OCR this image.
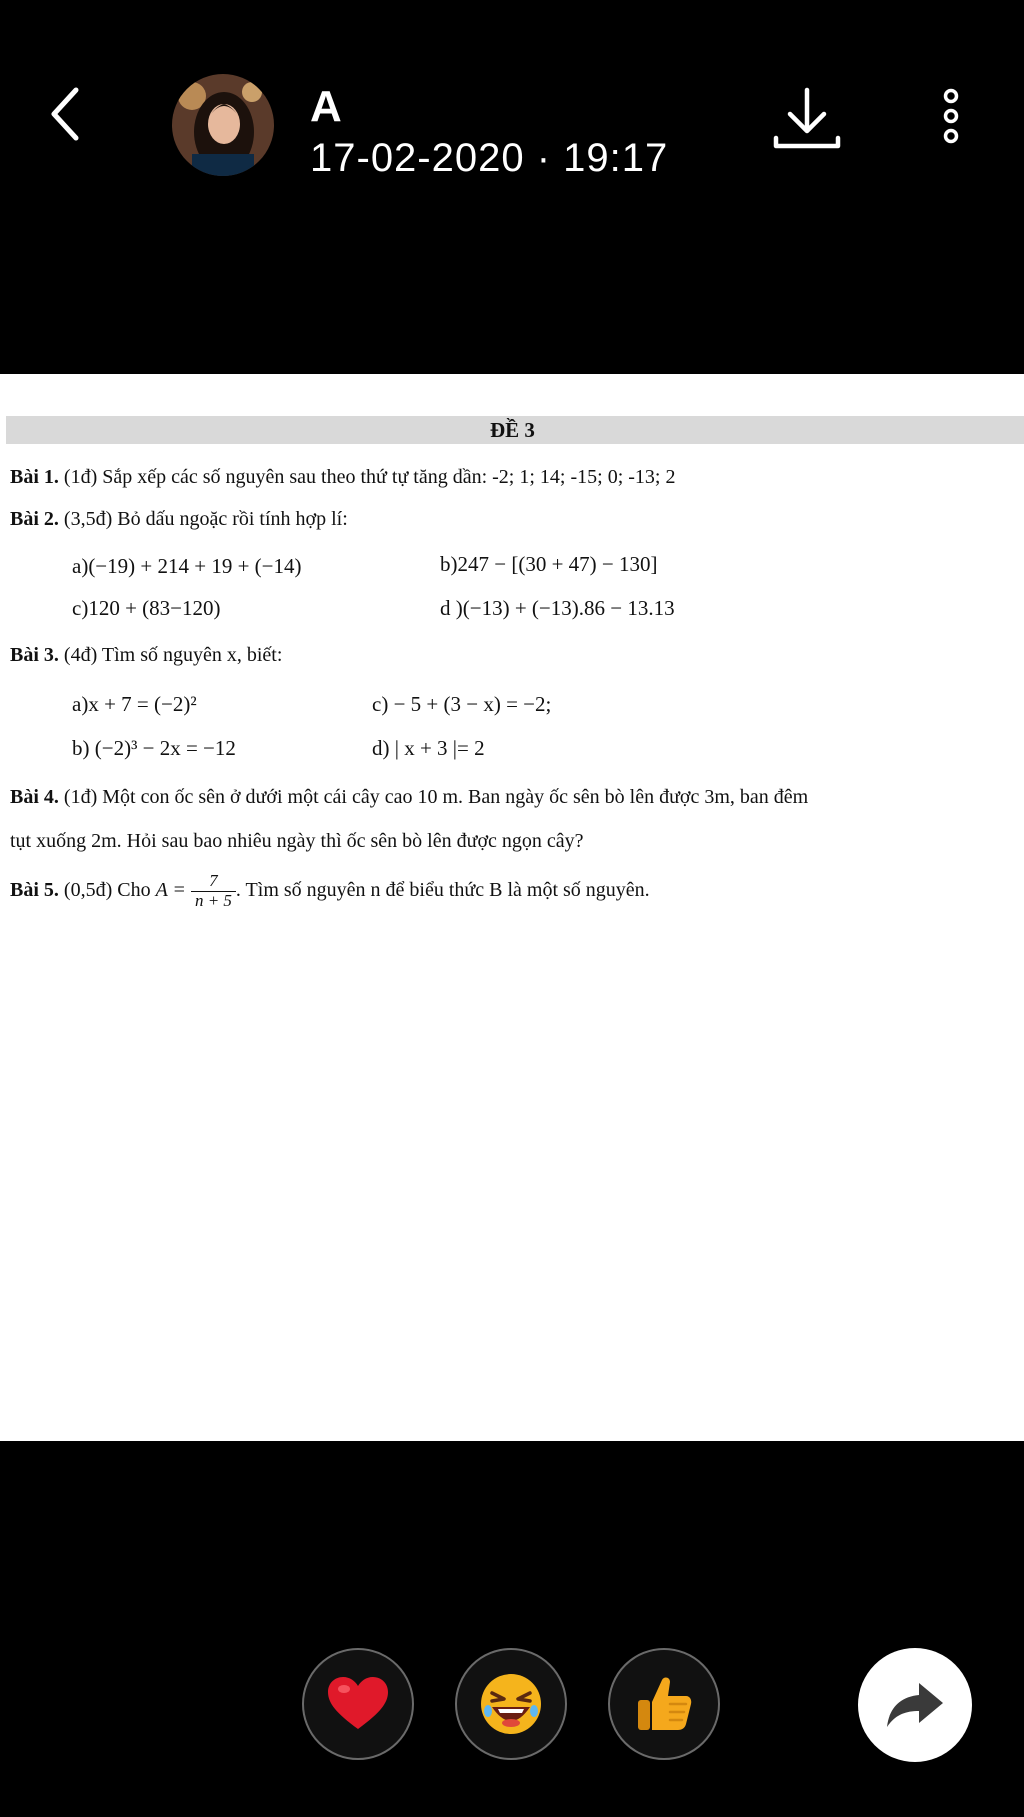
A
17-02-2020 · 19:17
ĐỀ 3
Bài 1. (1đ) Sắp xếp các số nguyên sau theo thứ tự tăng dần: -2; 1; 14; -15; 0; -13; 2
Bài 2. (3,5đ) Bỏ dấu ngoặc rồi tính hợp lí:
a)(−19) + 214 + 19 + (−14)	b)247 − [(30 + 47) − 130]
c)120 + (83−120)	d )(−13) + (−13).86 − 13.13
Bài 3. (4đ) Tìm số nguyên x, biết:
a)x + 7 = (−2)²	c) − 5 + (3 − x) = −2;
b) (−2)³ − 2x = −12	d) | x + 3 |= 2
Bài 4. (1đ) Một con ốc sên ở dưới một cái cây cao 10 m. Ban ngày ốc sên bò lên được 3m, ban đêm
tụt xuống 2m. Hỏi sau bao nhiêu ngày thì ốc sên bò lên được ngọn cây?
Bài 5. (0,5đ) Cho $A = \frac{7}{n + 5}$ . Tìm số nguyên n để biểu thức B là một số nguyên.
